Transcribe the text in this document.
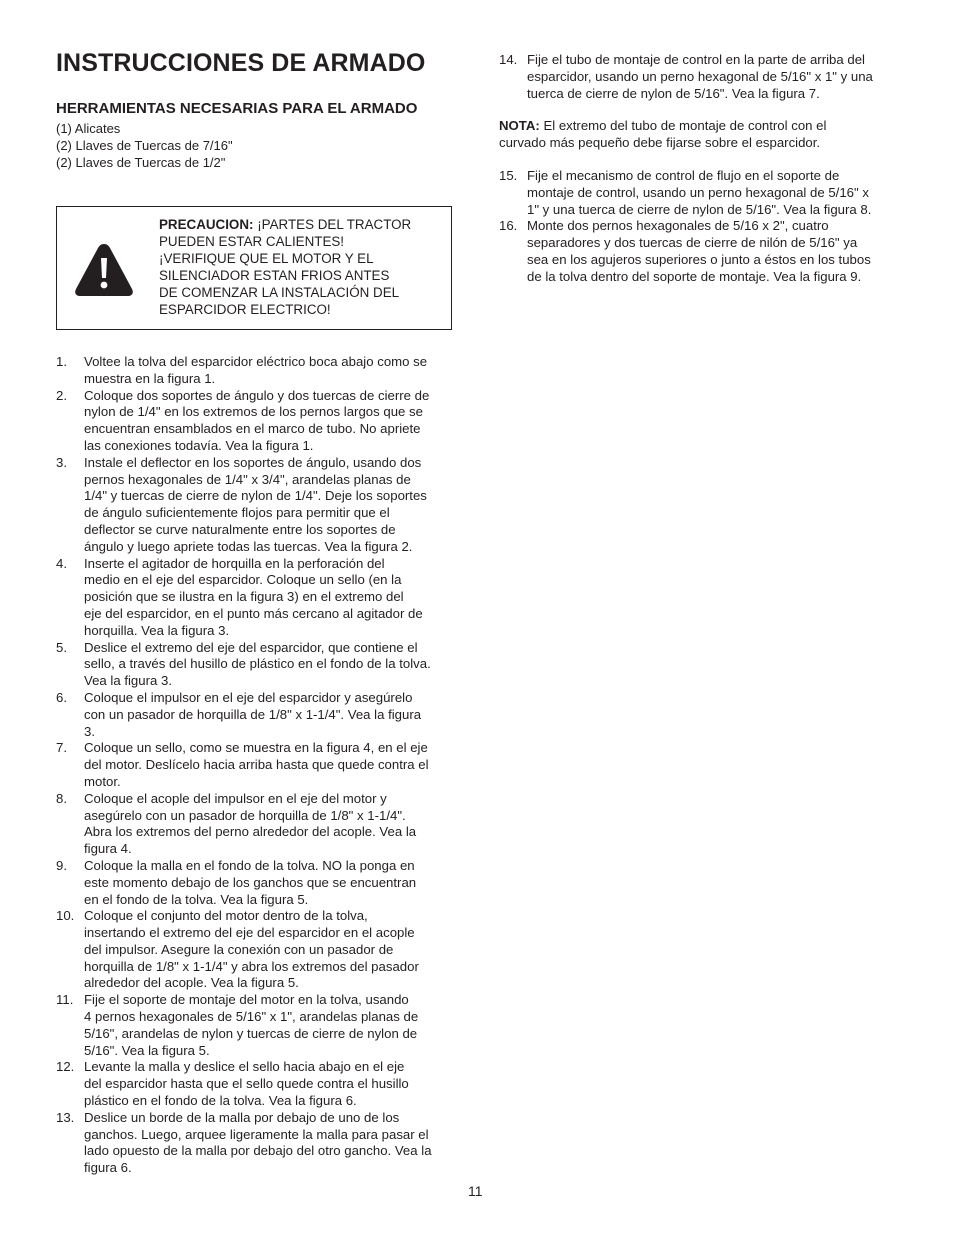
INSTRUCCIONES DE ARMADO
HERRAMIENTAS NECESARIAS PARA EL ARMADO
(1) Alicates
(2) Llaves de Tuercas de 7/16"
(2) Llaves de Tuercas de 1/2"
PRECAUCION: ¡PARTES DEL TRACTOR
PUEDEN ESTAR CALIENTES!
¡VERIFIQUE QUE EL MOTOR Y EL
SILENCIADOR ESTAN FRIOS ANTES
DE COMENZAR LA INSTALACIÓN DEL
ESPARCIDOR ELECTRICO!
1. Voltee la tolva del esparcidor eléctrico boca abajo como se
muestra en la figura 1.
2. Coloque dos soportes de ángulo y dos tuercas de cierre de
nylon de 1/4" en los extremos de los pernos largos que se
encuentran ensamblados en el marco de tubo. No apriete
las conexiones todavía. Vea la figura 1.
3. Instale el deflector en los soportes de ángulo, usando dos
pernos hexagonales de 1/4" x 3/4", arandelas planas de
1/4" y tuercas de cierre de nylon de 1/4". Deje los soportes
de ángulo suficientemente flojos para permitir que el
deflector se curve naturalmente entre los soportes de
ángulo y luego apriete todas las tuercas. Vea la figura 2.
4. Inserte el agitador de horquilla en la perforación del
medio en el eje del esparcidor. Coloque un sello (en la
posición que se ilustra en la figura 3) en el extremo del
eje del esparcidor, en el punto más cercano al agitador de
horquilla. Vea la figura 3.
5. Deslice el extremo del eje del esparcidor, que contiene el
sello, a través del husillo de plástico en el fondo de la tolva.
Vea la figura 3.
6. Coloque el impulsor en el eje del esparcidor y asegúrelo
con un pasador de horquilla de 1/8" x 1-1/4". Vea la figura
3.
7. Coloque un sello, como se muestra en la figura 4, en el eje
del motor. Deslícelo hacia arriba hasta que quede contra el
motor.
8. Coloque el acople del impulsor en el eje del motor y
asegúrelo con un pasador de horquilla de 1/8" x 1-1/4".
Abra los extremos del perno alrededor del acople. Vea la
figura 4.
9. Coloque la malla en el fondo de la tolva. NO la ponga en
este momento debajo de los ganchos que se encuentran
en el fondo de la tolva. Vea la figura 5.
10. Coloque el conjunto del motor dentro de la tolva,
insertando el extremo del eje del esparcidor en el acople
del impulsor. Asegure la conexión con un pasador de
horquilla de 1/8" x 1-1/4" y abra los extremos del pasador
alrededor del acople. Vea la figura 5.
11. Fije el soporte de montaje del motor en la tolva, usando
4 pernos hexagonales de 5/16" x 1", arandelas planas de
5/16", arandelas de nylon y tuercas de cierre de nylon de
5/16". Vea la figura 5.
12. Levante la malla y deslice el sello hacia abajo en el eje
del esparcidor hasta que el sello quede contra el husillo
plástico en el fondo de la tolva. Vea la figura 6.
13. Deslice un borde de la malla por debajo de uno de los
ganchos. Luego, arquee ligeramente la malla para pasar el
lado opuesto de la malla por debajo del otro gancho. Vea la
figura 6.
14. Fije el tubo de montaje de control en la parte de arriba del
esparcidor, usando un perno hexagonal de 5/16" x 1" y una
tuerca de cierre de nylon de 5/16". Vea la figura 7.
NOTA: El extremo del tubo de montaje de control con el
curvado más pequeño debe fijarse sobre el esparcidor.
15. Fije el mecanismo de control de flujo en el soporte de
montaje de control, usando un perno hexagonal de 5/16" x
1" y una tuerca de cierre de nylon de 5/16". Vea la figura 8.
16. Monte dos pernos hexagonales de 5/16 x 2", cuatro
separadores y dos tuercas de cierre de nilón de 5/16" ya
sea en los agujeros superiores o junto a éstos en los tubos
de la tolva dentro del soporte de montaje. Vea la figura 9.
11
